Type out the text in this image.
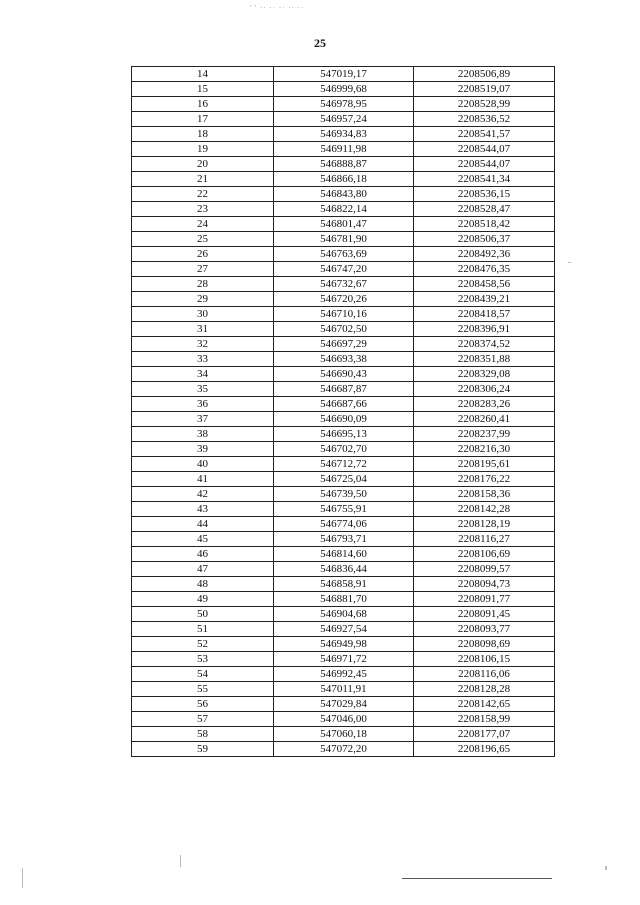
' ' ·· ·· ·· ·· ··
25
14	547019,17	2208506,89
15	546999,68	2208519,07
16	546978,95	2208528,99
17	546957,24	2208536,52
18	546934,83	2208541,57
19	546911,98	2208544,07
20	546888,87	2208544,07
21	546866,18	2208541,34
22	546843,80	2208536,15
23	546822,14	2208528,47
24	546801,47	2208518,42
25	546781,90	2208506,37
26	546763,69	2208492,36
27	546747,20	2208476,35
28	546732,67	2208458,56
29	546720,26	2208439,21
30	546710,16	2208418,57
31	546702,50	2208396,91
32	546697,29	2208374,52
33	546693,38	2208351,88
34	546690,43	2208329,08
35	546687,87	2208306,24
36	546687,66	2208283,26
37	546690,09	2208260,41
38	546695,13	2208237,99
39	546702,70	2208216,30
40	546712,72	2208195,61
41	546725,04	2208176,22
42	546739,50	2208158,36
43	546755,91	2208142,28
44	546774,06	2208128,19
45	546793,71	2208116,27
46	546814,60	2208106,69
47	546836,44	2208099,57
48	546858,91	2208094,73
49	546881,70	2208091,77
50	546904,68	2208091,45
51	546927,54	2208093,77
52	546949,98	2208098,69
53	546971,72	2208106,15
54	546992,45	2208116,06
55	547011,91	2208128,28
56	547029,84	2208142,65
57	547046,00	2208158,99
58	547060,18	2208177,07
59	547072,20	2208196,65
